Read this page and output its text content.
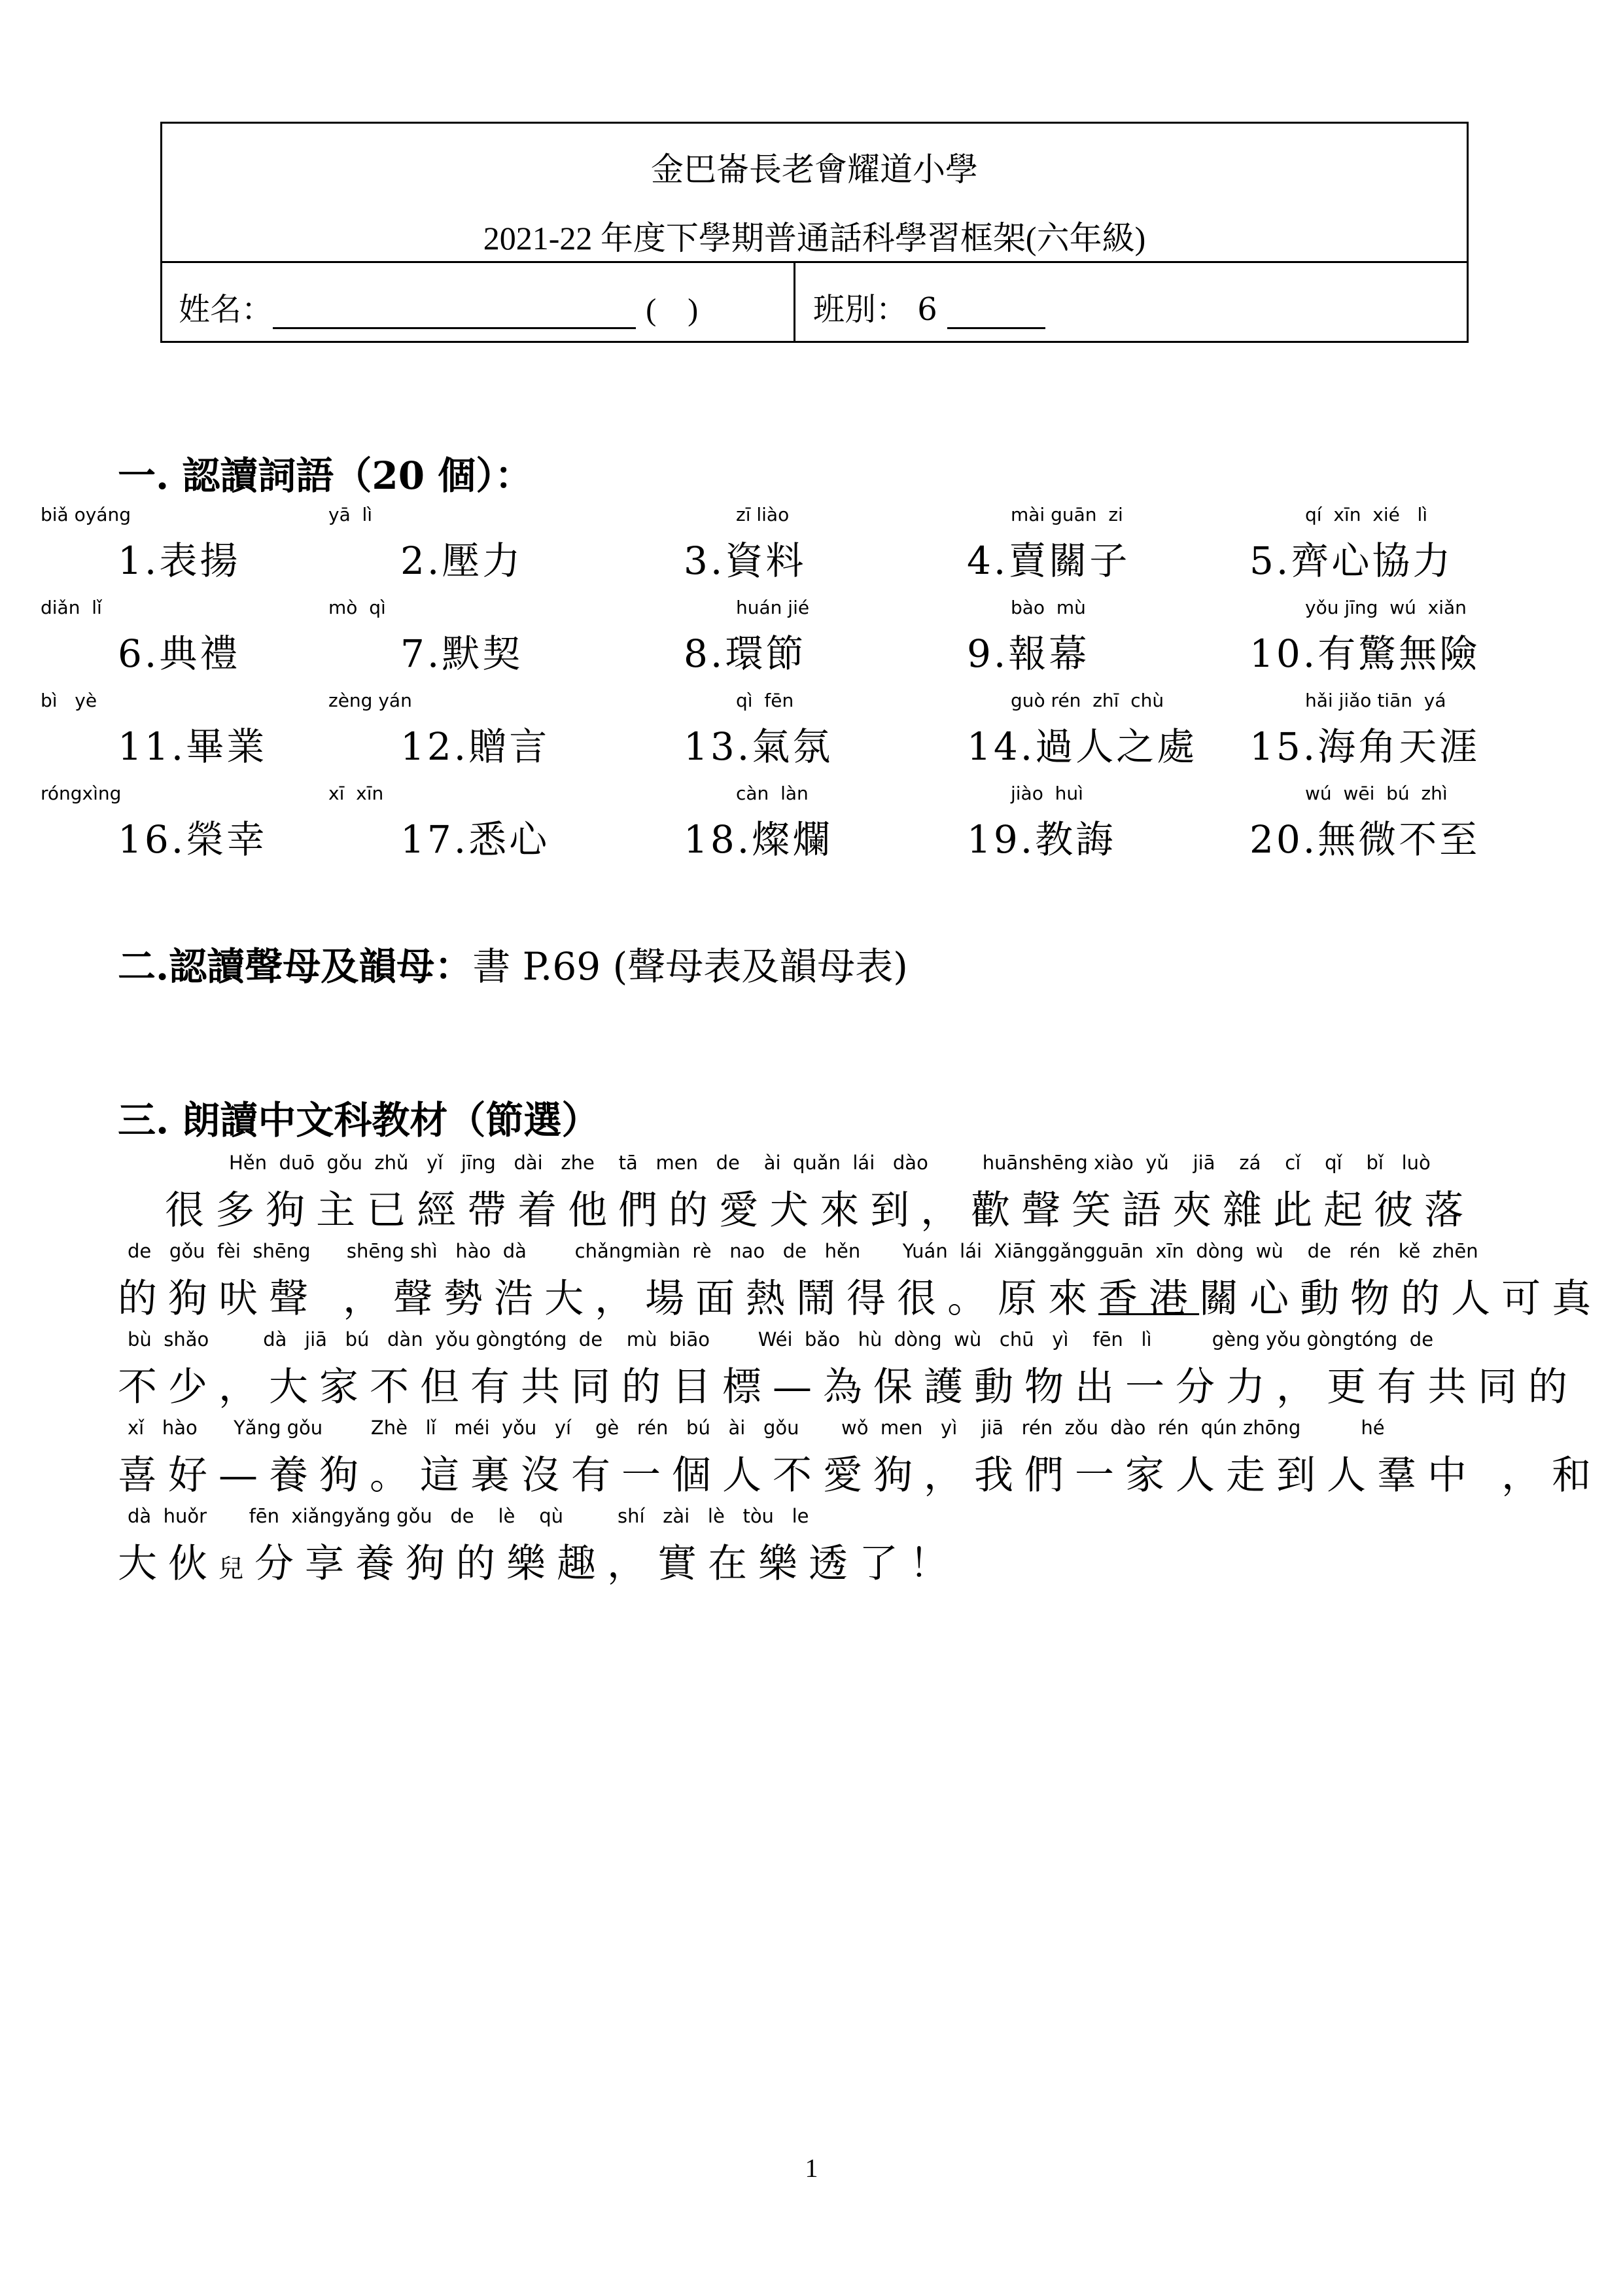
金巴崙長老會耀道小學
2021-22 年度下學期普通話科學習框架(六年級)
姓名：	(    )	班別： 6
一. 認讀詞語（20 個）：
biǎ oyáng
1.表揚
yā  lì
2.壓力
zī liào
3.資料
mài guān  zi
4.賣關子
qí  xīn  xié   lì
5.齊心協力
diǎn  lǐ
6.典禮
mò  qì
7.默契
huán jié
8.環節
bào  mù
9.報幕
yǒu jīng  wú  xiǎn
10.有驚無險
bì   yè
11.畢業
zèng yán
12.贈言
qì  fēn
13.氣氛
guò rén  zhī  chù
14.過人之處
hǎi jiǎo tiān  yá
15.海角天涯
róngxìng
16.榮幸
xī  xīn
17.悉心
càn  làn
18.燦爛
jiào  huì
19.教誨
wú  wēi  bú  zhì
20.無微不至
二.認讀聲母及韻母：書 P.69 (聲母表及韻母表)
三. 朗讀中文科教材（節選）
Hěn  duō  gǒu  zhǔ   yǐ   jīng   dài   zhe    tā   men   de    ài  quǎn  lái   dào         huānshēng xiào  yǔ    jiā    zá    cǐ    qǐ    bǐ   luò
很多狗主已經帶着他們的愛犬來到，歡聲笑語夾雜此起彼落
de   gǒu  fèi  shēng      shēng shì   hào  dà        chǎngmiàn  rè   nao   de   hěn       Yuán  lái  Xiānggǎngguān  xīn  dòng  wù    de   rén   kě  zhēn
的狗吠聲 ，聲勢浩大，場面熱鬧得很。原來香港關心動物的人可真
bù  shǎo         dà   jiā   bú   dàn  yǒu gòngtóng  de    mù  biāo        Wéi  bǎo   hù  dòng  wù   chū   yì    fēn   lì          gèng yǒu gòngtóng  de
不少，大家不但有共同的目標—為保護動物出一分力，更有共同的
xǐ   hào      Yǎng gǒu        Zhè   lǐ   méi  yǒu   yí    gè   rén   bú   ài   gǒu       wǒ  men   yì    jiā   rén  zǒu  dào  rén  qún zhōng          hé
喜好—養狗。這裏沒有一個人不愛狗，我們一家人走到人羣中 ，和
dà  huǒr       fēn  xiǎngyǎng gǒu   de    lè    qù         shí   zài   lè   tòu   le
大伙兒分享養狗的樂趣，實在樂透了！
1
